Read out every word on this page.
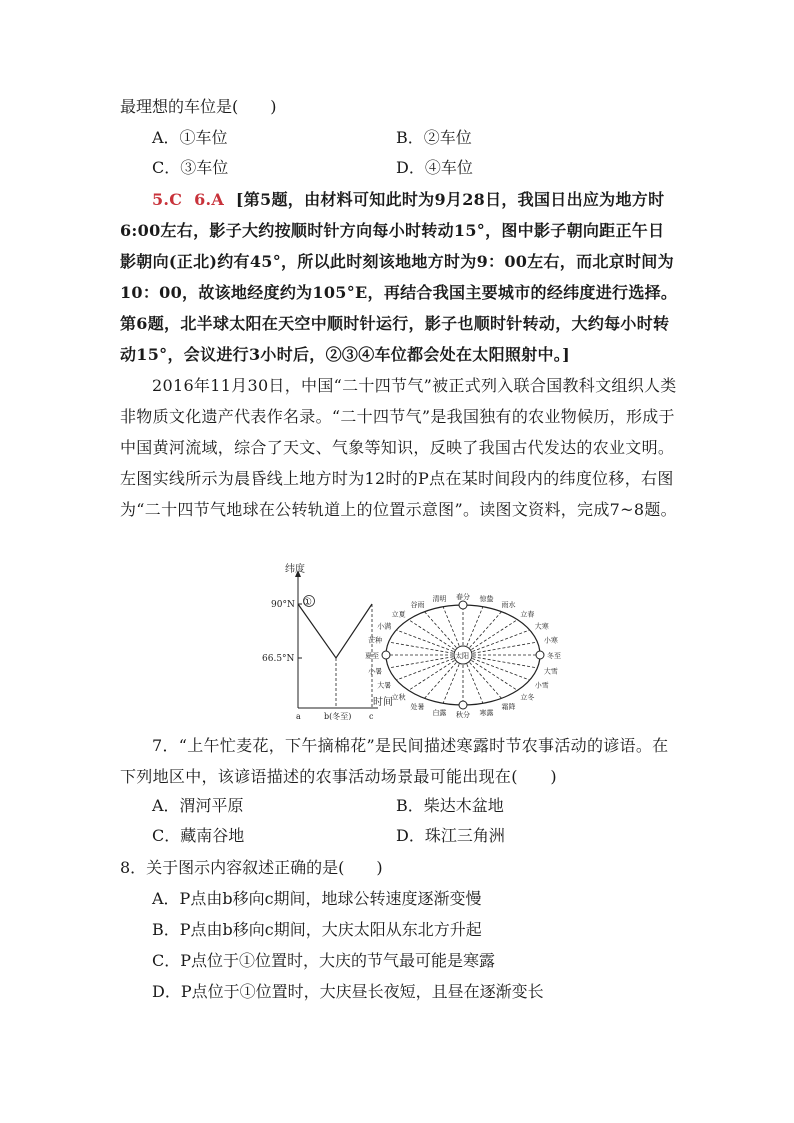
最理想的车位是(　　)
A．①车位	B．②车位
C．③车位	D．④车位
5.C 6.A [第5题，由材料可知此时为9月28日，我国日出应为地方时6:00左右，影子大约按顺时针方向每小时转动15°，图中影子朝向距正午日影朝向(正北)约有45°，所以此时刻该地地方时为9：00左右，而北京时间为10：00，故该地经度约为105°E，再结合我国主要城市的经纬度进行选择。第6题，北半球太阳在天空中顺时针运行，影子也顺时针转动，大约每小时转动15°，会议进行3小时后，②③④车位都会处在太阳照射中。]
2016年11月30日，中国“二十四节气”被正式列入联合国教科文组织人类非物质文化遗产代表作名录。“二十四节气”是我国独有的农业物候历，形成于中国黄河流域，综合了天文、气象等知识，反映了我国古代发达的农业文明。左图实线所示为晨昏线上地方时为12时的P点在某时间段内的纬度位移，右图为“二十四节气地球在公转轨道上的位置示意图”。读图文资料，完成7~8题。
纬度
90°N
66.5°N
①
时间
a	b(冬至) c
雨水
立春
大寒
小寒
冬至
大雪
小雪
立冬
霜降
寒露
秋分
白露
处暑
立秋
大暑
小暑
夏至
芒种
小满
立夏
谷雨
清明 春分 惊蛰
太阳
7．“上午忙麦花，下午摘棉花”是民间描述寒露时节农事活动的谚语。在下列地区中，该谚语描述的农事活动场景最可能出现在(　　)
A．渭河平原	B．柴达木盆地
C．藏南谷地	D．珠江三角洲
8．关于图示内容叙述正确的是(　　)
A．P点由b移向c期间，地球公转速度逐渐变慢
B．P点由b移向c期间，大庆太阳从东北方升起
C．P点位于①位置时，大庆的节气最可能是寒露
D．P点位于①位置时，大庆昼长夜短，且昼在逐渐变长
